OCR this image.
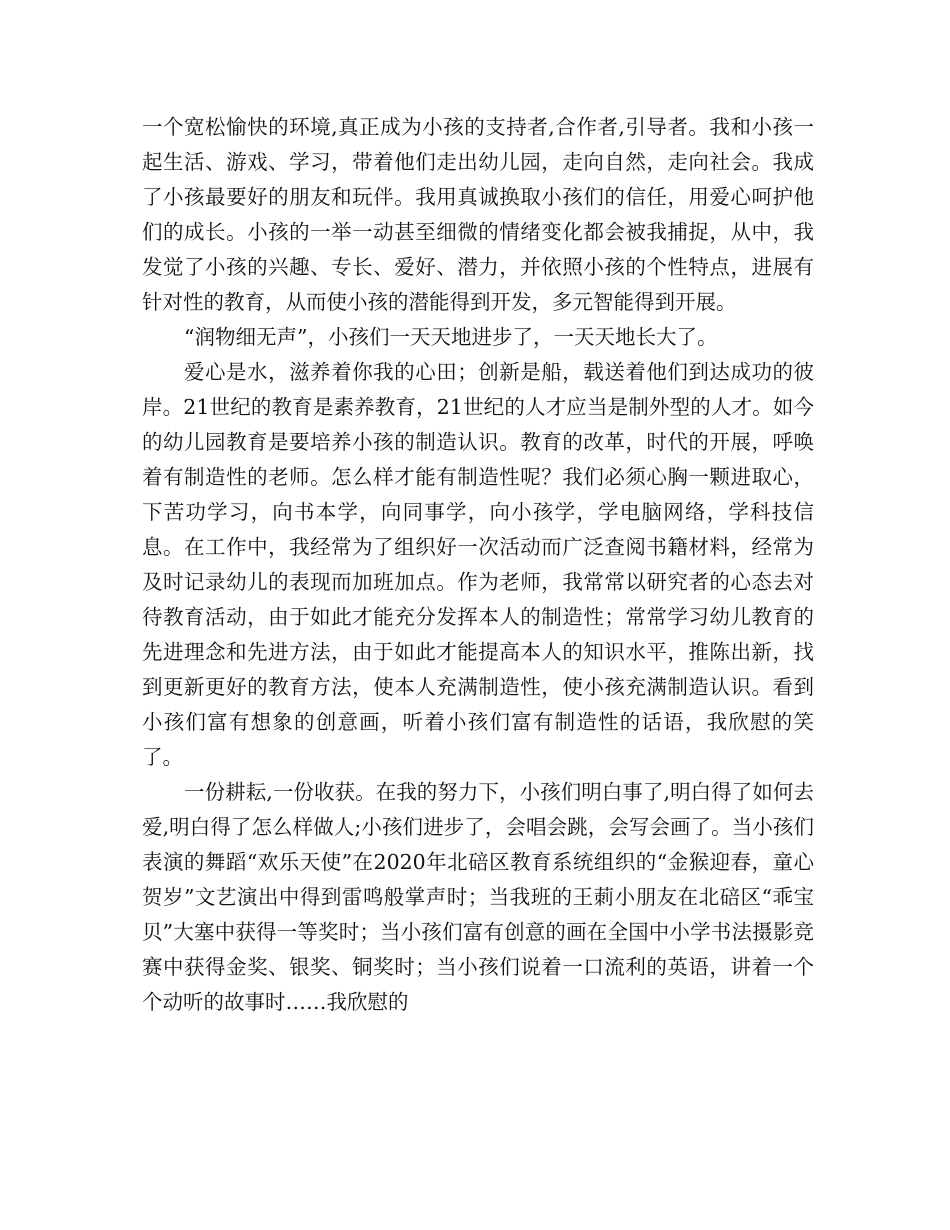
一个宽松愉快的环境,真正成为小孩的支持者,合作者,引导者。我和小孩一起生活、游戏、学习，带着他们走出幼儿园，走向自然，走向社会。我成了小孩最要好的朋友和玩伴。我用真诚换取小孩们的信任，用爱心呵护他们的成长。小孩的一举一动甚至细微的情绪变化都会被我捕捉，从中，我发觉了小孩的兴趣、专长、爱好、潜力，并依照小孩的个性特点，进展有针对性的教育，从而使小孩的潜能得到开发，多元智能得到开展。

“润物细无声”，小孩们一天天地进步了，一天天地长大了。

爱心是水，滋养着你我的心田；创新是船，载送着他们到达成功的彼岸。21世纪的教育是素养教育，21世纪的人才应当是制外型的人才。如今的幼儿园教育是要培养小孩的制造认识。教育的改革，时代的开展，呼唤着有制造性的老师。怎么样才能有制造性呢？我们必须心胸一颗进取心，下苦功学习，向书本学，向同事学，向小孩学，学电脑网络，学科技信息。在工作中，我经常为了组织好一次活动而广泛查阅书籍材料，经常为及时记录幼儿的表现而加班加点。作为老师，我常常以研究者的心态去对待教育活动，由于如此才能充分发挥本人的制造性；常常学习幼儿教育的先进理念和先进方法，由于如此才能提高本人的知识水平，推陈出新，找到更新更好的教育方法，使本人充满制造性，使小孩充满制造认识。看到小孩们富有想象的创意画，听着小孩们富有制造性的话语，我欣慰的笑了。

一份耕耘,一份收获。在我的努力下，小孩们明白事了,明白得了如何去爱,明白得了怎么样做人;小孩们进步了，会唱会跳，会写会画了。当小孩们表演的舞蹈“欢乐天使”在2020年北碚区教育系统组织的“金猴迎春，童心贺岁”文艺演出中得到雷鸣般掌声时；当我班的王莿小朋友在北碚区“乖宝贝”大塞中获得一等奖时；当小孩们富有创意的画在全国中小学书法摄影竞赛中获得金奖、银奖、铜奖时；当小孩们说着一口流利的英语，讲着一个个动听的故事时……我欣慰的
